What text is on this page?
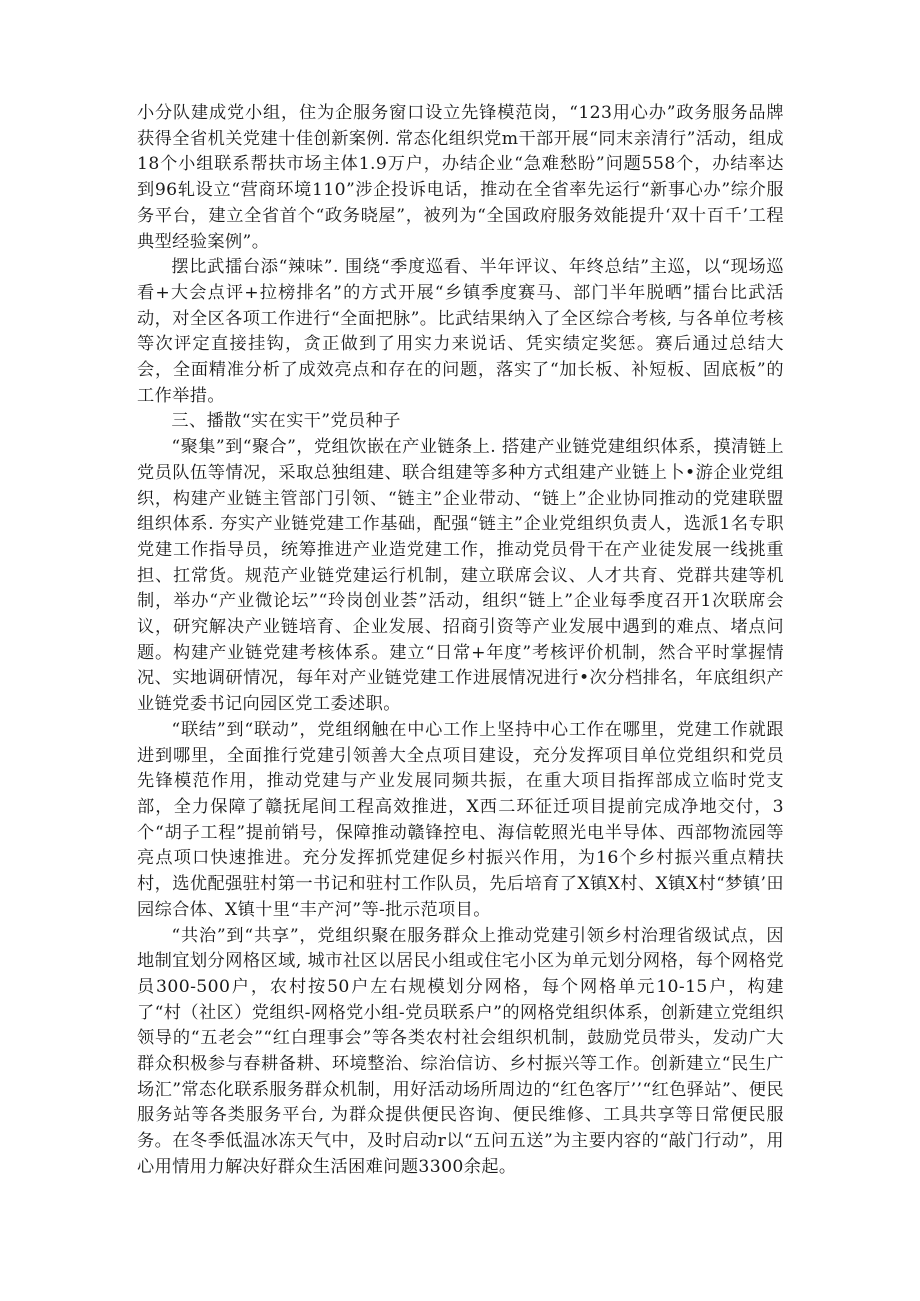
小分队建成党小组，住为企服务窗口设立先锋模范岗，“123用心办”政务服务品牌获得全省机关党建十佳创新案例. 常态化组织党m干部开展“同末亲清行”活动，组成18个小组联系帮扶市场主体1.9万户，办结企业“急难愁盼”问题558个，办结率达到96轧设立“营商环境110”涉企投诉电话，推动在全省率先运行“新事心办”综介服务平台，建立全省首个“政务晓屋”，被列为“全国政府服务效能提升‘双十百千’工程典型经验案例”。

摆比武擂台添“辣味”. 围绕“季度巡看、半年评议、年终总结”主巡，以“现场巡看+大会点评+拉榜排名”的方式开展“乡镇季度赛马、部门半年脱晒”擂台比武活动，对全区各项工作进行“全面把脉”。比武结果纳入了全区综合考核, 与各单位考核等次评定直接挂钩，贪正做到了用实力来说话、凭实绩定奖惩。赛后通过总结大会，全面精准分析了成效亮点和存在的问题，落实了“加长板、补短板、固底板”的工作举措。

三、播散“实在实干”党员种子

“聚集”到“聚合”，党组饮嵌在产业链条上. 搭建产业链党建组织体系，摸清链上党员队伍等情况，采取总独组建、联合组建等多种方式组建产业链上卜•游企业党组织，构建产业链主管部门引领、“链主”企业带动、“链上”企业协同推动的党建联盟组织体系. 夯实产业链党建工作基础，配强“链主”企业党组织负责人，选派1名专职党建工作指导员，统筹推进产业造党建工作，推动党员骨干在产业徒发展一线挑重担、扛常货。规范产业链党建运行机制，建立联席会议、人才共育、党群共建等机制，举办“产业微论坛”“玲岗创业荟”活动，组织“链上”企业每季度召开1次联席会议，研究解决产业链培育、企业发展、招商引资等产业发展中遇到的难点、堵点问题。构建产业链党建考核体系。建立“日常+年度”考核评价机制，然合平时掌握情况、实地调研情况，每年对产业链党建工作进展情况进行•次分档排名，年底组织产业链党委书记向园区党工委述职。

“联结”到“联动”，党组纲触在中心工作上坚持中心工作在哪里，党建工作就跟进到哪里，全面推行党建引领善大全点项目建设，充分发挥项目单位党组织和党员先锋模范作用，推动党建与产业发展同频共振，在重大项目指挥部成立临时党支部，全力保障了赣抚尾间工程高效推进，X西二环征迁项目提前完成净地交付，3个“胡子工程”提前销号，保障推动赣锋控电、海信乾照光电半导体、西部物流园等亮点项口快速推进。充分发挥抓党建促乡村振兴作用，为16个乡村振兴重点精扶村，选优配强驻村第一书记和驻村工作队员，先后培育了X镇X村、X镇X村“梦镇’田园综合体、X镇十里“丰产河”等-批示范项目。

“共治”到“共享”，党组织聚在服务群众上推动党建引领乡村治理省级试点，因地制宜划分网格区域, 城市社区以居民小组或住宅小区为单元划分网格，每个网格党员300-500户，农村按50户左右规模划分网格，每个网格单元10-15户，构建了“村（社区）党组织-网格党小组-党员联系户”的网格党组织体系，创新建立党组织领导的“五老会”“红白理事会”等各类农村社会组织机制，鼓励党员带头，发动广大群众积极参与春耕备耕、环境整治、综治信访、乡村振兴等工作。创新建立“民生广场汇”常态化联系服务群众机制，用好活动场所周边的“红色客厅’’“红色驿站”、便民服务站等各类服务平台, 为群众提供便民咨询、便民维修、工具共享等日常便民服务。在冬季低温冰冻天气中，及时启动r以“五问五送”为主要内容的“敲门行动”，用心用情用力解决好群众生活困难问题3300余起。
